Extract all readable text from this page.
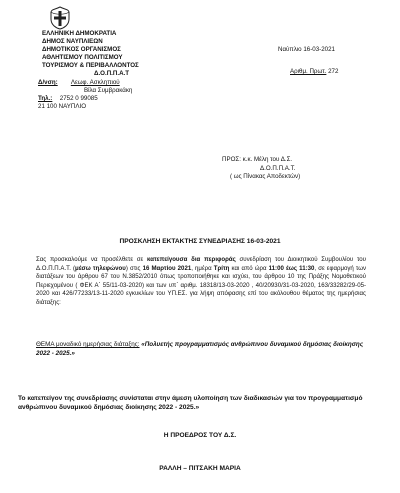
ΕΛΛΗΝΙΚΗ ΔΗΜΟΚΡΑΤΙΑ
ΔΗΜΟΣ ΝΑΥΠΛΙΕΩΝ
ΔΗΜΟΤΙΚΟΣ ΟΡΓΑΝΙΣΜΟΣ
ΑΘΛΗΤΙΣΜΟΥ ΠΟΛΙΤΙΣΜΟΥ
ΤΟΥΡΙΣΜΟΥ & ΠΕΡΙΒΑΛΛΟΝΤΟΣ
Δ.Ο.Π.Π.Α.Τ
Δ/νση: Λεωφ. Ασκληπιού
Βίλα Συμβρακάκη
Τηλ.: 2752 0 99085
21 100 ΝΑΥΠΛΙΟ
Ναύπλιο 16-03-2021
Αριθμ. Πρωτ. 272
ΠΡΟΣ: κ.κ. Μέλη του Δ.Σ.
Δ.Ο.Π.Π.Α.Τ.
( ως Πίνακας Αποδεκτών)
ΠΡΟΣΚΛΗΣΗ ΕΚΤΑΚΤΗΣ ΣΥΝΕΔΡΙΑΣΗΣ 16-03-2021
Σας προσκαλούμε να προσέλθετε σε κατεπείγουσα δια περιφοράς συνεδρίαση του Διοικητικού Συμβουλίου του Δ.Ο.Π.Π.Α.Τ. (μέσω τηλεφώνου) στις 16 Μαρτίου 2021, ημέρα Τρίτη και από ώρα 11:00 έως 11:30, σε εφαρμογή των διατάξεων του άρθρου 67 του Ν.3852/2010 όπως τροποποιήθηκε και ισχύει, του άρθρου 10 της Πράξης Νομοθετικού Περιεχομένου ( ΦΕΚ Α΄ 55/11-03-2020) και των υπ΄ αριθμ. 18318/13-03-2020 , 40/20930/31-03-2020, 163/33282/29-05-2020 και 426/77233/13-11-2020 εγκυκλίων του ΥΠ.ΕΣ. για λήψη απόφασης επί του ακόλουθου θέματος της ημερήσιας διάταξης:
ΘΕΜΑ μοναδικό ημερήσιας διάταξης: «Πολυετής προγραμματισμός ανθρώπινου δυναμικού δημόσιας διοίκησης 2022 - 2025.»
Το κατεπείγον της συνεδρίασης συνίσταται στην άμεση υλοποίηση των διαδικασιών για τον προγραμματισμό ανθρώπινου δυναμικού δημόσιας διοίκησης 2022 - 2025.»
Η ΠΡΟΕΔΡΟΣ ΤΟΥ Δ.Σ.
ΡΑΛΛΗ – ΠΙΤΣΑΚΗ ΜΑΡΙΑ
